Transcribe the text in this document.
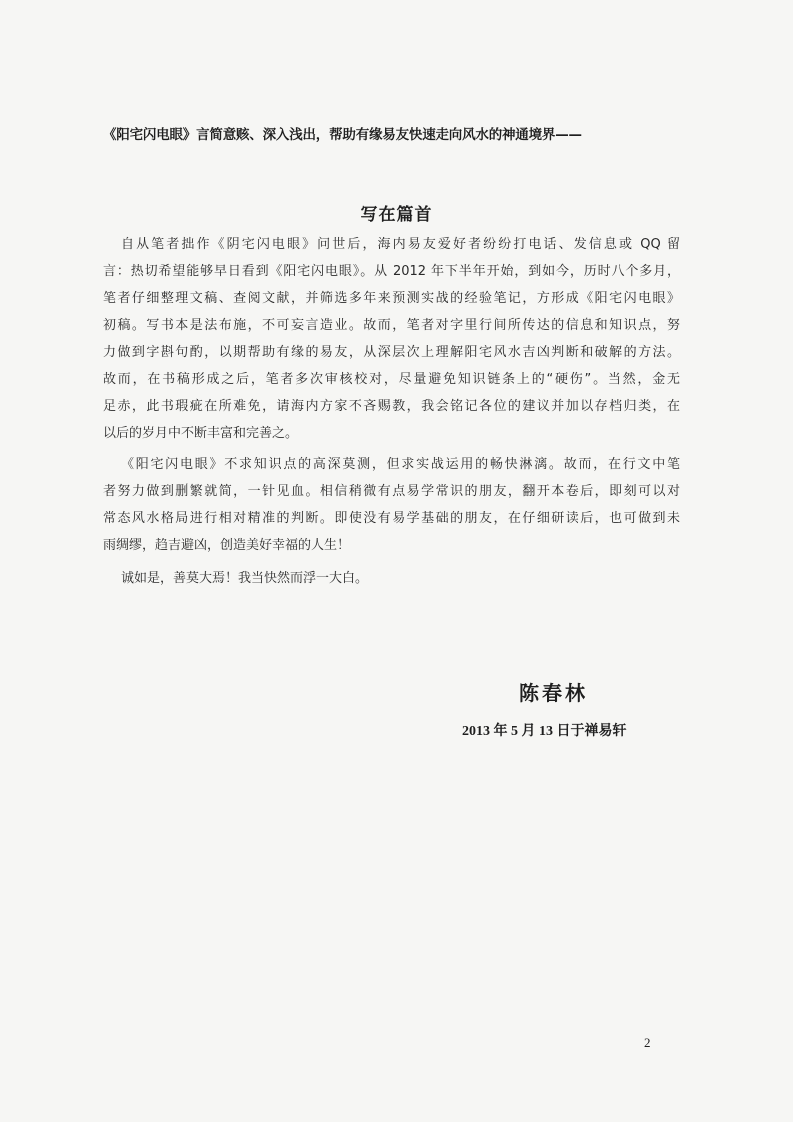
《阳宅闪电眼》言简意赅、深入浅出，帮助有缘易友快速走向风水的神通境界——
写在篇首
自从笔者拙作《阴宅闪电眼》问世后，海内易友爱好者纷纷打电话、发信息或 QQ 留
言：热切希望能够早日看到《阳宅闪电眼》。从 2012 年下半年开始，到如今，历时八个多月，
笔者仔细整理文稿、查阅文献，并筛选多年来预测实战的经验笔记，方形成《阳宅闪电眼》
初稿。写书本是法布施，不可妄言造业。故而，笔者对字里行间所传达的信息和知识点，努
力做到字斟句酌，以期帮助有缘的易友，从深层次上理解阳宅风水吉凶判断和破解的方法。
故而，在书稿形成之后，笔者多次审核校对，尽量避免知识链条上的“硬伤”。当然，金无
足赤，此书瑕疵在所难免，请海内方家不吝赐教，我会铭记各位的建议并加以存档归类，在
以后的岁月中不断丰富和完善之。
《阳宅闪电眼》不求知识点的高深莫测，但求实战运用的畅快淋漓。故而，在行文中笔
者努力做到删繁就简，一针见血。相信稍微有点易学常识的朋友，翻开本卷后，即刻可以对
常态风水格局进行相对精准的判断。即使没有易学基础的朋友，在仔细研读后，也可做到未
雨绸缪，趋吉避凶，创造美好幸福的人生！
诚如是，善莫大焉！我当快然而浮一大白。
陈春林
2013 年 5 月 13 日于禅易轩
2
